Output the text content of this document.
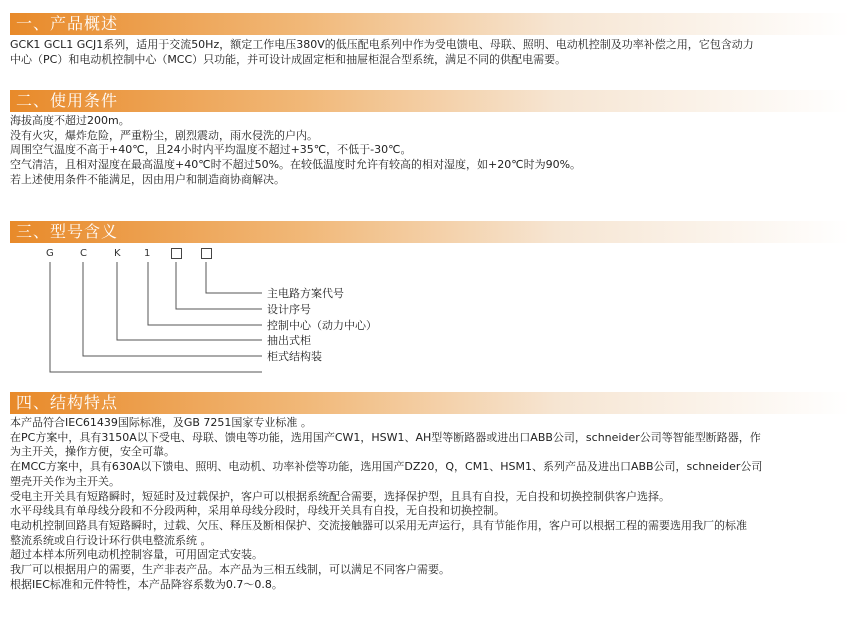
一、产品概述

GCK1 GCL1 GCJ1系列，适用于交流50Hz，额定工作电压380V的低压配电系列中作为受电馈电、母联、照明、电动机控制及功率补偿之用，它包含动力

中心（PC）和电动机控制中心（MCC）只功能，并可设计成固定柜和抽屉柜混合型系统，满足不同的供配电需要。

二、使用条件

海拔高度不超过200m。

没有火灾，爆炸危险，严重粉尘，剧烈震动，雨水侵洗的户内。

周围空气温度不高于+40℃，且24小时内平均温度不超过+35℃，不低于-30℃。

空气清洁，且相对湿度在最高温度+40℃时不超过50%。在较低温度时允许有较高的相对湿度，如+20℃时为90%。

若上述使用条件不能满足，因由用户和制造商协商解决。

三、型号含义
G	C	K 1
主电路方案代号
设计序号
控制中心（动力中心）
抽出式柜
柜式结构装
四、结构特点

本产品符合IEC61439国际标准，及GB 7251国家专业标准 。

在PC方案中，具有3150A以下受电、母联、馈电等功能，选用国产CW1，HSW1、AH型等断路器或进出口ABB公司，schneider公司等智能型断路器，作

为主开关，操作方便，安全可靠。

在MCC方案中，具有630A以下馈电、照明、电动机、功率补偿等功能，选用国产DZ20，Q，CM1、HSM1、系列产品及进出口ABB公司，schneider公司

塑壳开关作为主开关。

受电主开关具有短路瞬时，短延时及过载保护，客户可以根据系统配合需要，选择保护型，且具有自投，无自投和切换控制供客户选择。

水平母线具有单母线分段和不分段两种，采用单母线分段时，母线开关具有自投，无自投和切换控制。

电动机控制回路具有短路瞬时，过载、欠压、释压及断相保护、交流接触器可以采用无声运行，具有节能作用，客户可以根据工程的需要选用我厂的标准

整流系统或自行设计环行供电整流系统 。

超过本样本所列电动机控制容量，可用固定式安装。

我厂可以根据用户的需要，生产非表产品。本产品为三相五线制，可以满足不同客户需要。

根据IEC标准和元件特性，本产品降容系数为0.7～0.8。
